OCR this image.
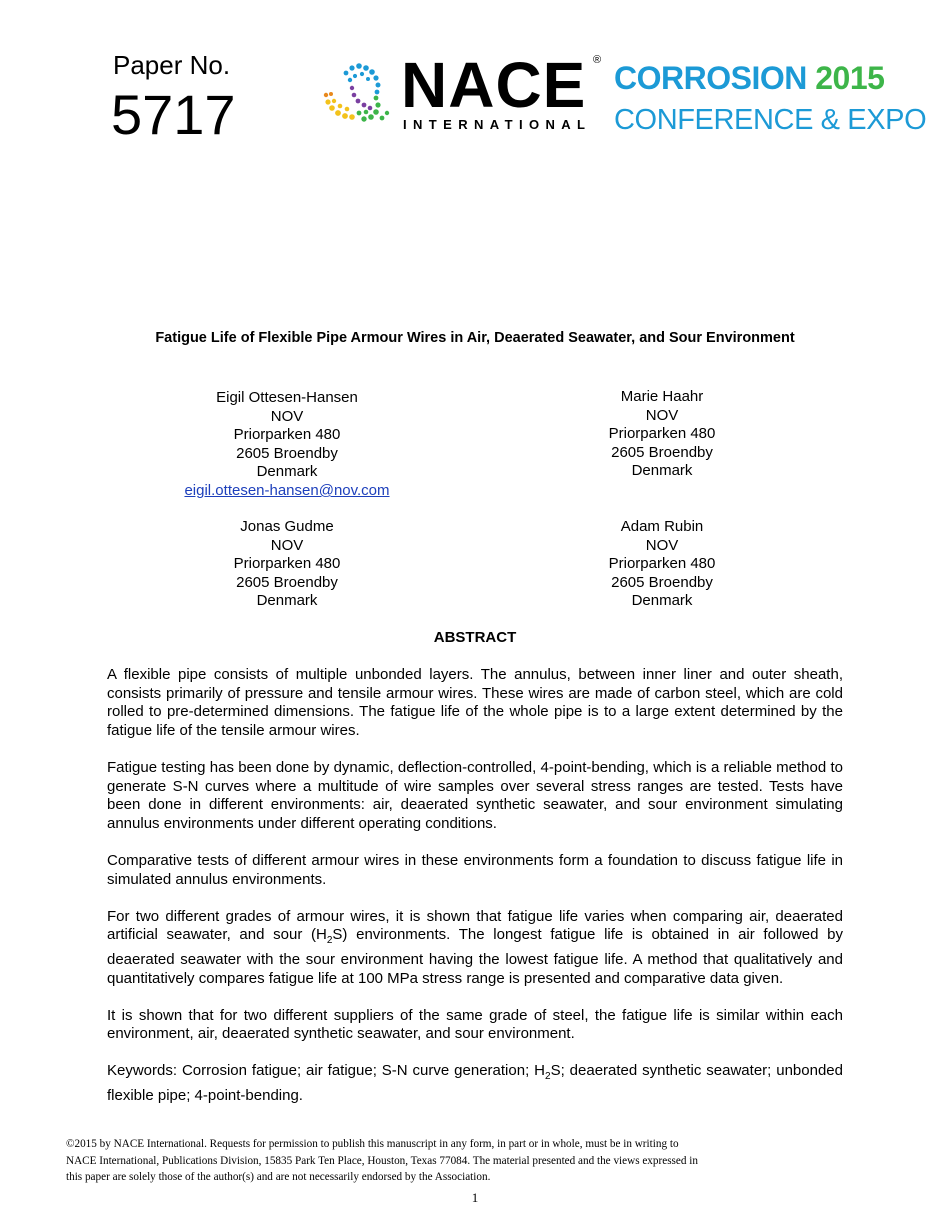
Paper No.
5717	NACE ®
INTERNATIONAL
CORROSION 2015
CONFERENCE & EXPO
Fatigue Life of Flexible Pipe Armour Wires in Air, Deaerated Seawater, and Sour Environment
Eigil Ottesen-Hansen
NOV
Priorparken 480
2605 Broendby
Denmark
eigil.ottesen-hansen@nov.com
Marie Haahr
NOV
Priorparken 480
2605 Broendby
Denmark
Jonas Gudme
NOV
Priorparken 480
2605 Broendby
Denmark
Adam Rubin
NOV
Priorparken 480
2605 Broendby
Denmark
ABSTRACT

A flexible pipe consists of multiple unbonded layers. The annulus, between inner liner and outer sheath, consists primarily of pressure and tensile armour wires. These wires are made of carbon steel, which are cold rolled to pre-determined dimensions. The fatigue life of the whole pipe is to a large extent determined by the fatigue life of the tensile armour wires.

Fatigue testing has been done by dynamic, deflection-controlled, 4-point-bending, which is a reliable method to generate S-N curves where a multitude of wire samples over several stress ranges are tested. Tests have been done in different environments: air, deaerated synthetic seawater, and sour environment simulating annulus environments under different operating conditions.

Comparative tests of different armour wires in these environments form a foundation to discuss fatigue life in simulated annulus environments.

For two different grades of armour wires, it is shown that fatigue life varies when comparing air, deaerated artificial seawater, and sour $(H_2S)$ environments. The longest fatigue life is obtained in air followed by deaerated seawater with the sour environment having the lowest fatigue life. A method that qualitatively and quantitatively compares fatigue life at 100 MPa stress range is presented and comparative data given.

It is shown that for two different suppliers of the same grade of steel, the fatigue life is similar within each environment, air, deaerated synthetic seawater, and sour environment.

Keywords: Corrosion fatigue; air fatigue; S-N curve generation; $H_2S$; deaerated synthetic seawater; unbonded flexible pipe; 4-point-bending.

©2015 by NACE International. Requests for permission to publish this manuscript in any form, in part or in whole, must be in writing to
NACE International, Publications Division, 15835 Park Ten Place, Houston, Texas 77084. The material presented and the views expressed in
this paper are solely those of the author(s) and are not necessarily endorsed by the Association.
1
